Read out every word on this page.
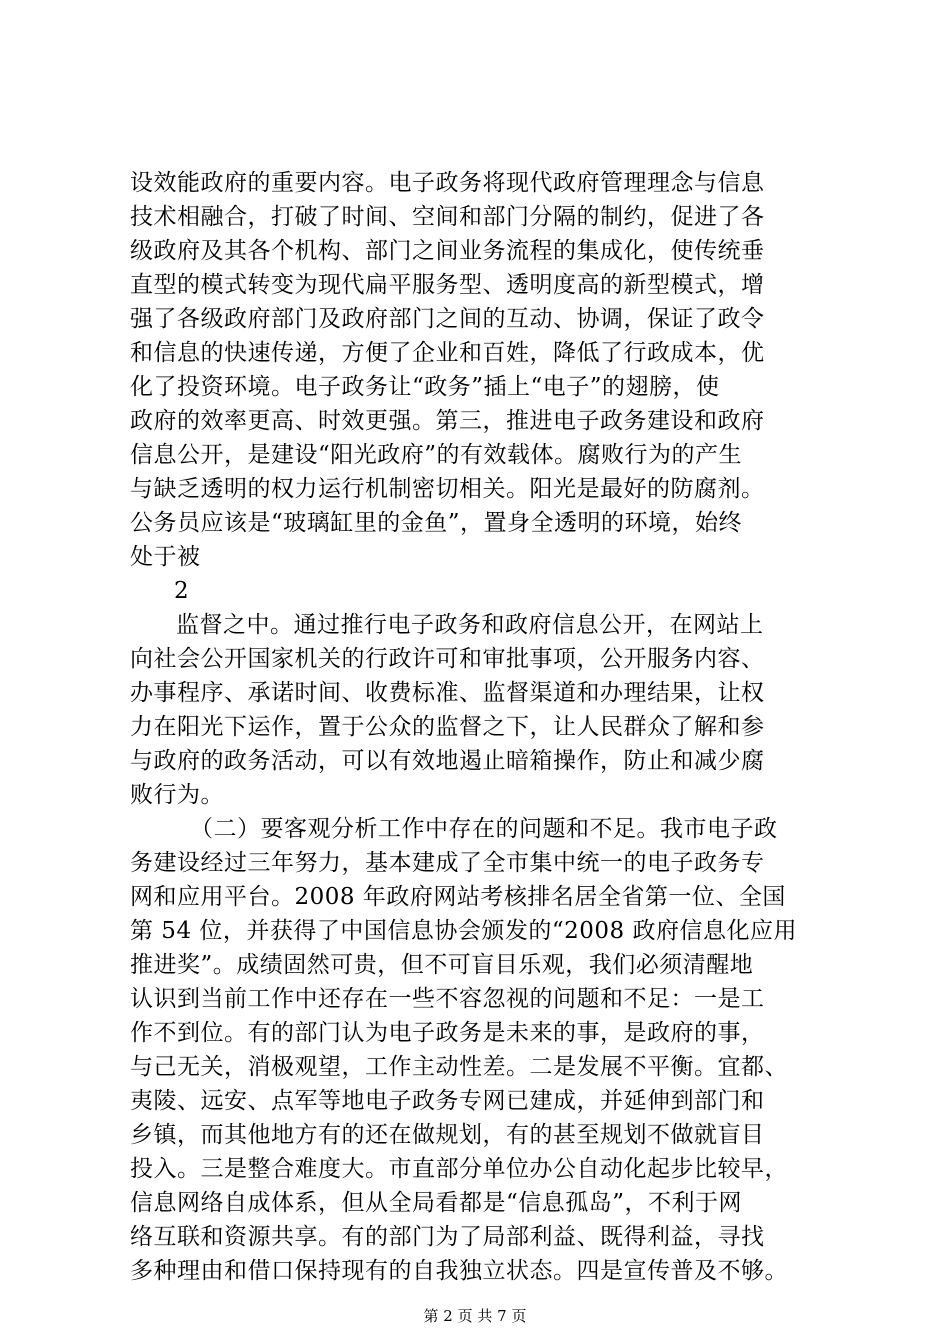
设效能政府的重要内容。电子政务将现代政府管理理念与信息
技术相融合，打破了时间、空间和部门分隔的制约，促进了各
级政府及其各个机构、部门之间业务流程的集成化，使传统垂
直型的模式转变为现代扁平服务型、透明度高的新型模式，增
强了各级政府部门及政府部门之间的互动、协调，保证了政令
和信息的快速传递，方便了企业和百姓，降低了行政成本，优
化了投资环境。电子政务让“政务”插上“电子”的翅膀，使
政府的效率更高、时效更强。第三，推进电子政务建设和政府
信息公开，是建设“阳光政府”的有效载体。腐败行为的产生
与缺乏透明的权力运行机制密切相关。阳光是最好的防腐剂。
公务员应该是“玻璃缸里的金鱼”，置身全透明的环境，始终
处于被
2
监督之中。通过推行电子政务和政府信息公开，在网站上
向社会公开国家机关的行政许可和审批事项，公开服务内容、
办事程序、承诺时间、收费标准、监督渠道和办理结果，让权
力在阳光下运作，置于公众的监督之下，让人民群众了解和参
与政府的政务活动，可以有效地遏止暗箱操作，防止和减少腐
败行为。
（二）要客观分析工作中存在的问题和不足。我市电子政
务建设经过三年努力，基本建成了全市集中统一的电子政务专
网和应用平台。2008 年政府网站考核排名居全省第一位、全国
第 54 位，并获得了中国信息协会颁发的“2008 政府信息化应用
推进奖”。成绩固然可贵，但不可盲目乐观，我们必须清醒地
认识到当前工作中还存在一些不容忽视的问题和不足：一是工
作不到位。有的部门认为电子政务是未来的事，是政府的事，
与己无关，消极观望，工作主动性差。二是发展不平衡。宜都、
夷陵、远安、点军等地电子政务专网已建成，并延伸到部门和
乡镇，而其他地方有的还在做规划，有的甚至规划不做就盲目
投入。三是整合难度大。市直部分单位办公自动化起步比较早，
信息网络自成体系，但从全局看都是“信息孤岛”，不利于网
络互联和资源共享。有的部门为了局部利益、既得利益，寻找
多种理由和借口保持现有的自我独立状态。四是宣传普及不够。
第 2 页 共 7 页
